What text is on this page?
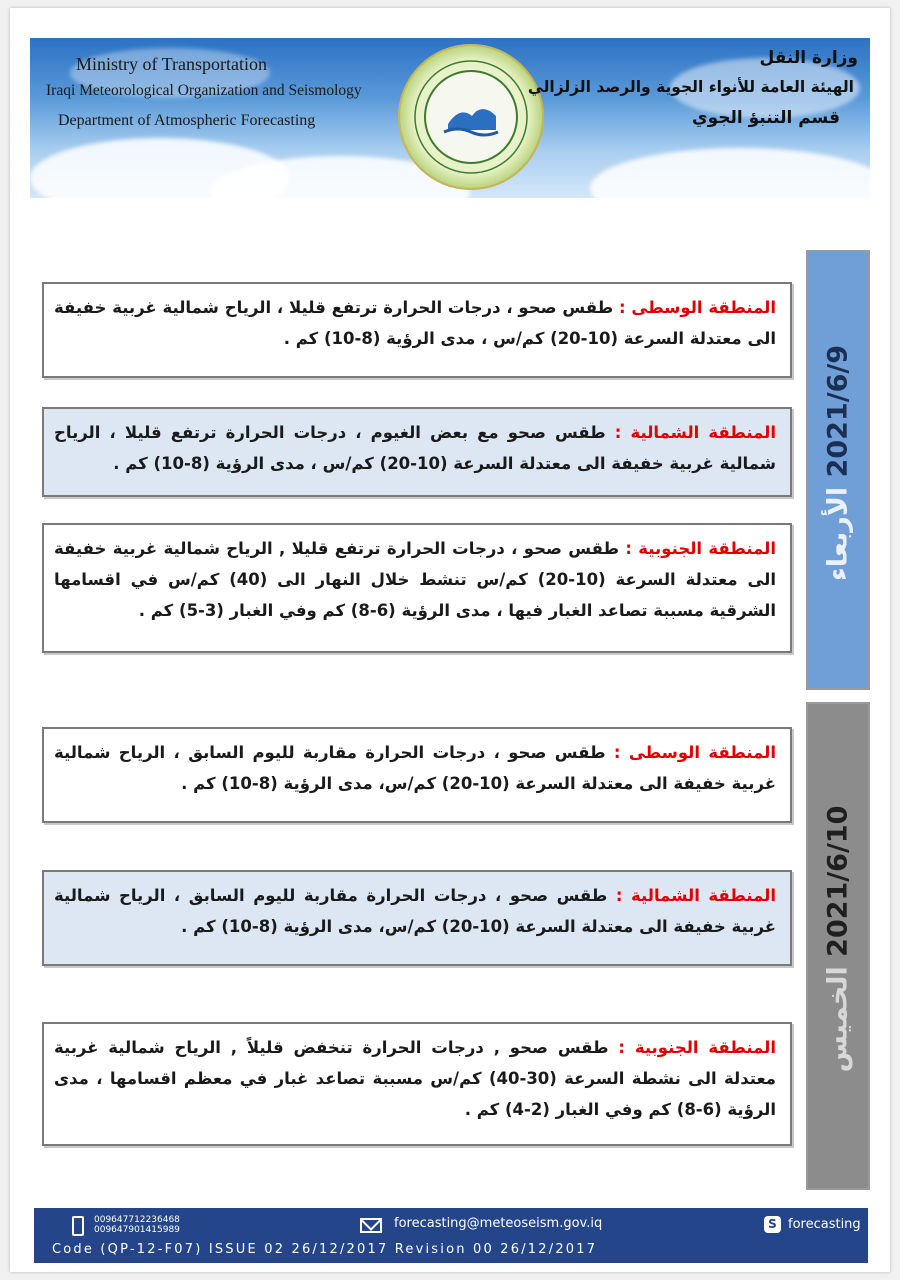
Ministry of Transportation
Iraqi Meteorological Organization and Seismology
Department of Atmospheric Forecasting
وزارة النقل
الهيئة العامة للأنواء الجوية والرصد الزلزالي
قسم التنبؤ الجوي
2021/6/9 الأربعاء
المنطقة الوسطى : طقس صحو ، درجات الحرارة ترتفع قليلا ، الرياح شمالية غربية خفيفة الى معتدلة السرعة (10-20) كم/س ، مدى الرؤية (8-10) كم .
المنطقة الشمالية : طقس صحو مع بعض الغيوم ، درجات الحرارة ترتفع قليلا ، الرياح شمالية غربية خفيفة الى معتدلة السرعة (10-20) كم/س ، مدى الرؤية (8-10) كم .
المنطقة الجنوبية : طقس صحو ، درجات الحرارة ترتفع قليلا , الرياح شمالية غربية خفيفة الى معتدلة السرعة (10-20) كم/س تنشط خلال النهار الى (40) كم/س في اقسامها الشرقية مسببة تصاعد الغبار فيها ، مدى الرؤية (6-8) كم وفي الغبار (3-5) كم .
2021/6/10 الخميس
المنطقة الوسطى : طقس صحو ، درجات الحرارة مقاربة لليوم السابق ، الرياح شمالية غربية خفيفة الى معتدلة السرعة (10-20) كم/س، مدى الرؤية (8-10) كم .
المنطقة الشمالية : طقس صحو ، درجات الحرارة مقاربة لليوم السابق ، الرياح شمالية غربية خفيفة الى معتدلة السرعة (10-20) كم/س، مدى الرؤية (8-10) كم .
المنطقة الجنوبية : طقس صحو , درجات الحرارة تنخفض قليلاً , الرياح شمالية غربية معتدلة الى نشطة السرعة (30-40) كم/س مسببة تصاعد غبار في معظم اقسامها ، مدى الرؤية (6-8) كم وفي الغبار (2-4) كم .
009647712236468
009647901415989	forecasting@meteoseism.gov.iq	S forecasting
Code (QP-12-F07) ISSUE 02 26/12/2017 Revision 00 26/12/2017
